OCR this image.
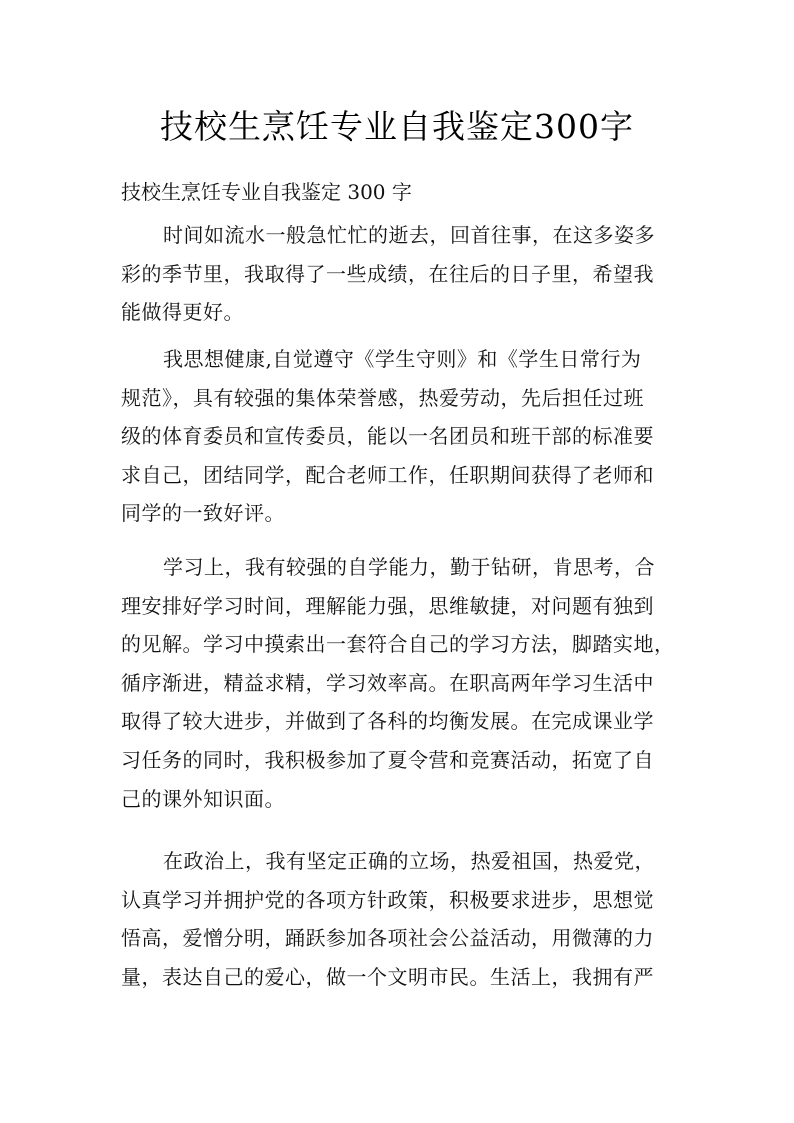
技校生烹饪专业自我鉴定300字
技校生烹饪专业自我鉴定 300 字
时间如流水一般急忙忙的逝去，回首往事，在这多姿多
彩的季节里，我取得了一些成绩，在往后的日子里，希望我
能做得更好。
我思想健康,自觉遵守《学生守则》和《学生日常行为
规范》，具有较强的集体荣誉感，热爱劳动，先后担任过班
级的体育委员和宣传委员，能以一名团员和班干部的标准要
求自己，团结同学，配合老师工作，任职期间获得了老师和
同学的一致好评。
学习上，我有较强的自学能力，勤于钻研，肯思考，合
理安排好学习时间，理解能力强，思维敏捷，对问题有独到
的见解。学习中摸索出一套符合自己的学习方法，脚踏实地，
循序渐进，精益求精，学习效率高。在职高两年学习生活中
取得了较大进步，并做到了各科的均衡发展。在完成课业学
习任务的同时，我积极参加了夏令营和竞赛活动，拓宽了自
己的课外知识面。
在政治上，我有坚定正确的立场，热爱祖国，热爱党，
认真学习并拥护党的各项方针政策，积极要求进步，思想觉
悟高，爱憎分明，踊跃参加各项社会公益活动，用微薄的力
量，表达自己的爱心，做一个文明市民。生活上，我拥有严
